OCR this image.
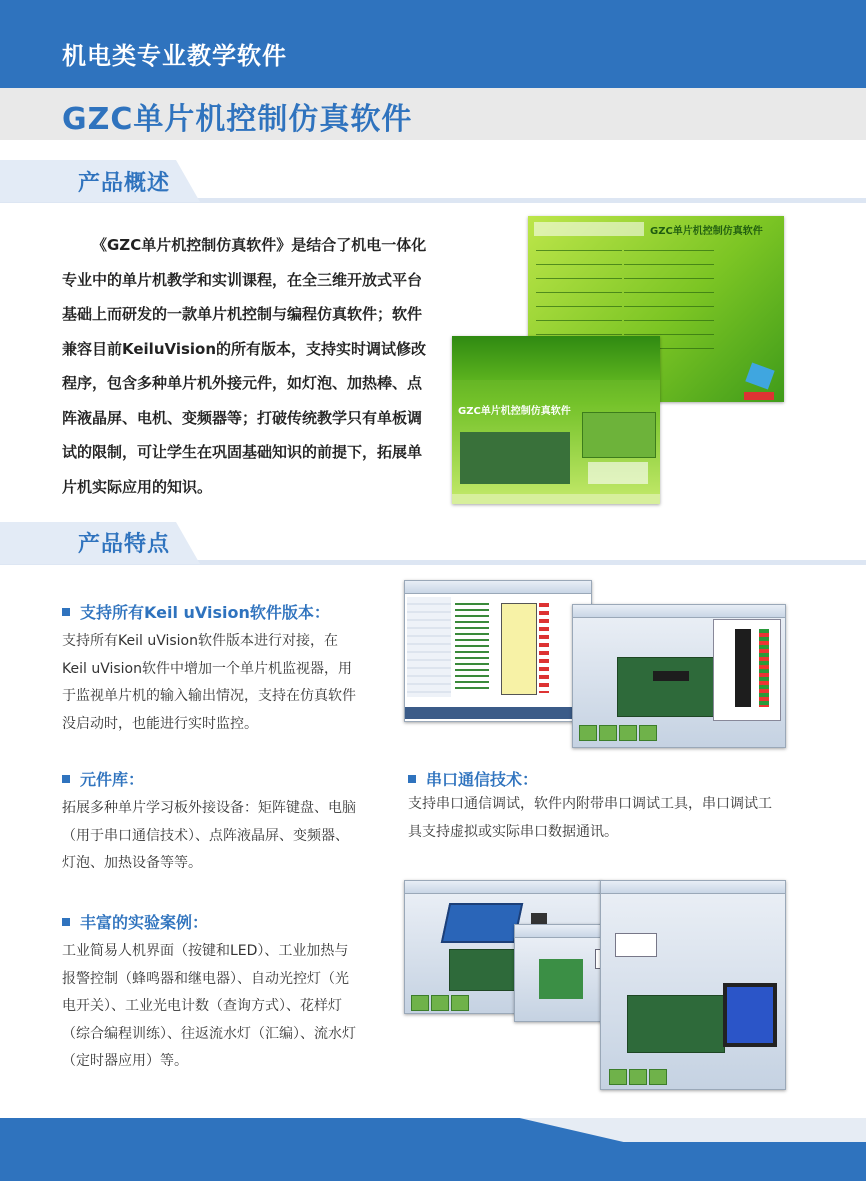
机电类专业教学软件
GZC单片机控制仿真软件
产品概述

《GZC单片机控制仿真软件》是结合了机电一体化专业中的单片机教学和实训课程，在全三维开放式平台基础上而研发的一款单片机控制与编程仿真软件；软件兼容目前KeiluVision的所有版本，支持实时调试修改程序，包含多种单片机外接元件，如灯泡、加热棒、点阵液晶屏、电机、变频器等；打破传统教学只有单板调试的限制，可让学生在巩固基础知识的前提下，拓展单片机实际应用的知识。

GZC单片机控制仿真软件
GZC单片机控制仿真软件
产品特点
支持所有Keil uVision软件版本：

支持所有Keil uVision软件版本进行对接，在Keil uVision软件中增加一个单片机监视器，用于监视单片机的输入输出情况，支持在仿真软件没启动时，也能进行实时监控。

元件库：

拓展多种单片学习板外接设备：矩阵键盘、电脑（用于串口通信技术）、点阵液晶屏、变频器、灯泡、加热设备等等。

串口通信技术：

支持串口通信调试，软件内附带串口调试工具，串口调试工具支持虚拟或实际串口数据通讯。

丰富的实验案例：

工业简易人机界面（按键和LED）、工业加热与报警控制（蜂鸣器和继电器）、自动光控灯（光电开关）、工业光电计数（查询方式）、花样灯（综合编程训练）、往返流水灯（汇编）、流水灯（定时器应用）等。
